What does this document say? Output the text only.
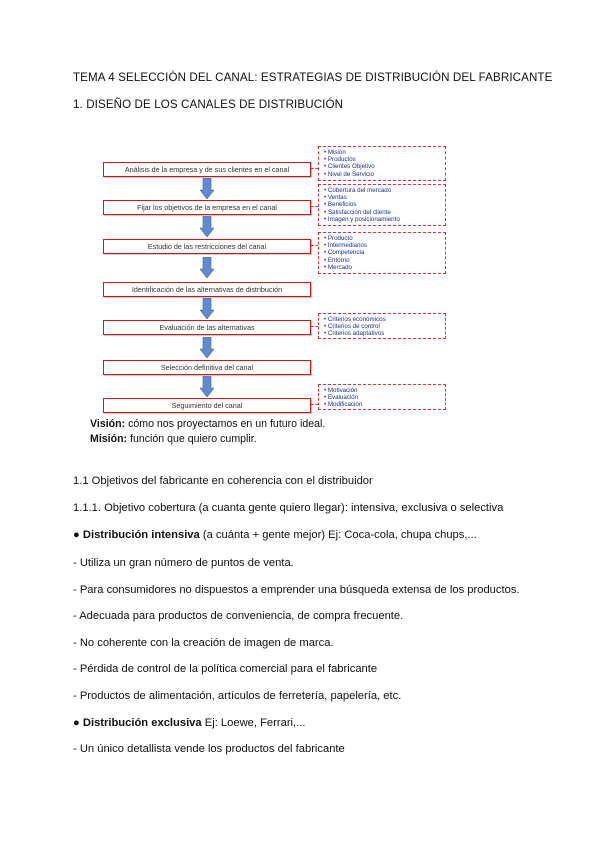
TEMA 4 SELECCIÓN DEL CANAL: ESTRATEGIAS DE DISTRIBUCIÓN DEL FABRICANTE
1. DISEÑO DE LOS CANALES DE DISTRIBUCIÓN
Análisis de la empresa y de sus clientes en el canal
Fijar los objetivos de la empresa en el canal
Estudio de las restricciones del canal
Identificación de las alternativas de distribución
Evaluación de las alternativas
Selección definitiva del canal
Seguimiento del canal
• Misión
• Productos
• Clientes Objetivo
• Nivel de Servicio
• Cobertura del mercado
• Ventas
• Beneficios
• Satisfacción del cliente
• Imagen y posicionamiento
• Producto
• Intermediarios
• Competencia
• Entorno
• Mercado
• Criterios económicos
• Criterios de control
• Criterios adaptativos
• Motivación
• Evaluación
• Modificación
Visión: cómo nos proyectamos en un futuro ideal.
Misión: función que quiero cumplir.
1.1 Objetivos del fabricante en coherencia con el distribuidor
1.1.1. Objetivo cobertura (a cuanta gente quiero llegar): intensiva, exclusiva o selectiva
● Distribución intensiva (a cuánta + gente mejor) Ej: Coca-cola, chupa chups,...
- Utiliza un gran número de puntos de venta.
- Para consumidores no dispuestos a emprender una búsqueda extensa de los productos.
- Adecuada para productos de conveniencia, de compra frecuente.
- No coherente con la creación de imagen de marca.
- Pérdida de control de la política comercial para el fabricante
- Productos de alimentación, artículos de ferretería, papelería, etc.
● Distribución exclusiva Ej: Loewe, Ferrari,...
- Un único detallista vende los productos del fabricante
